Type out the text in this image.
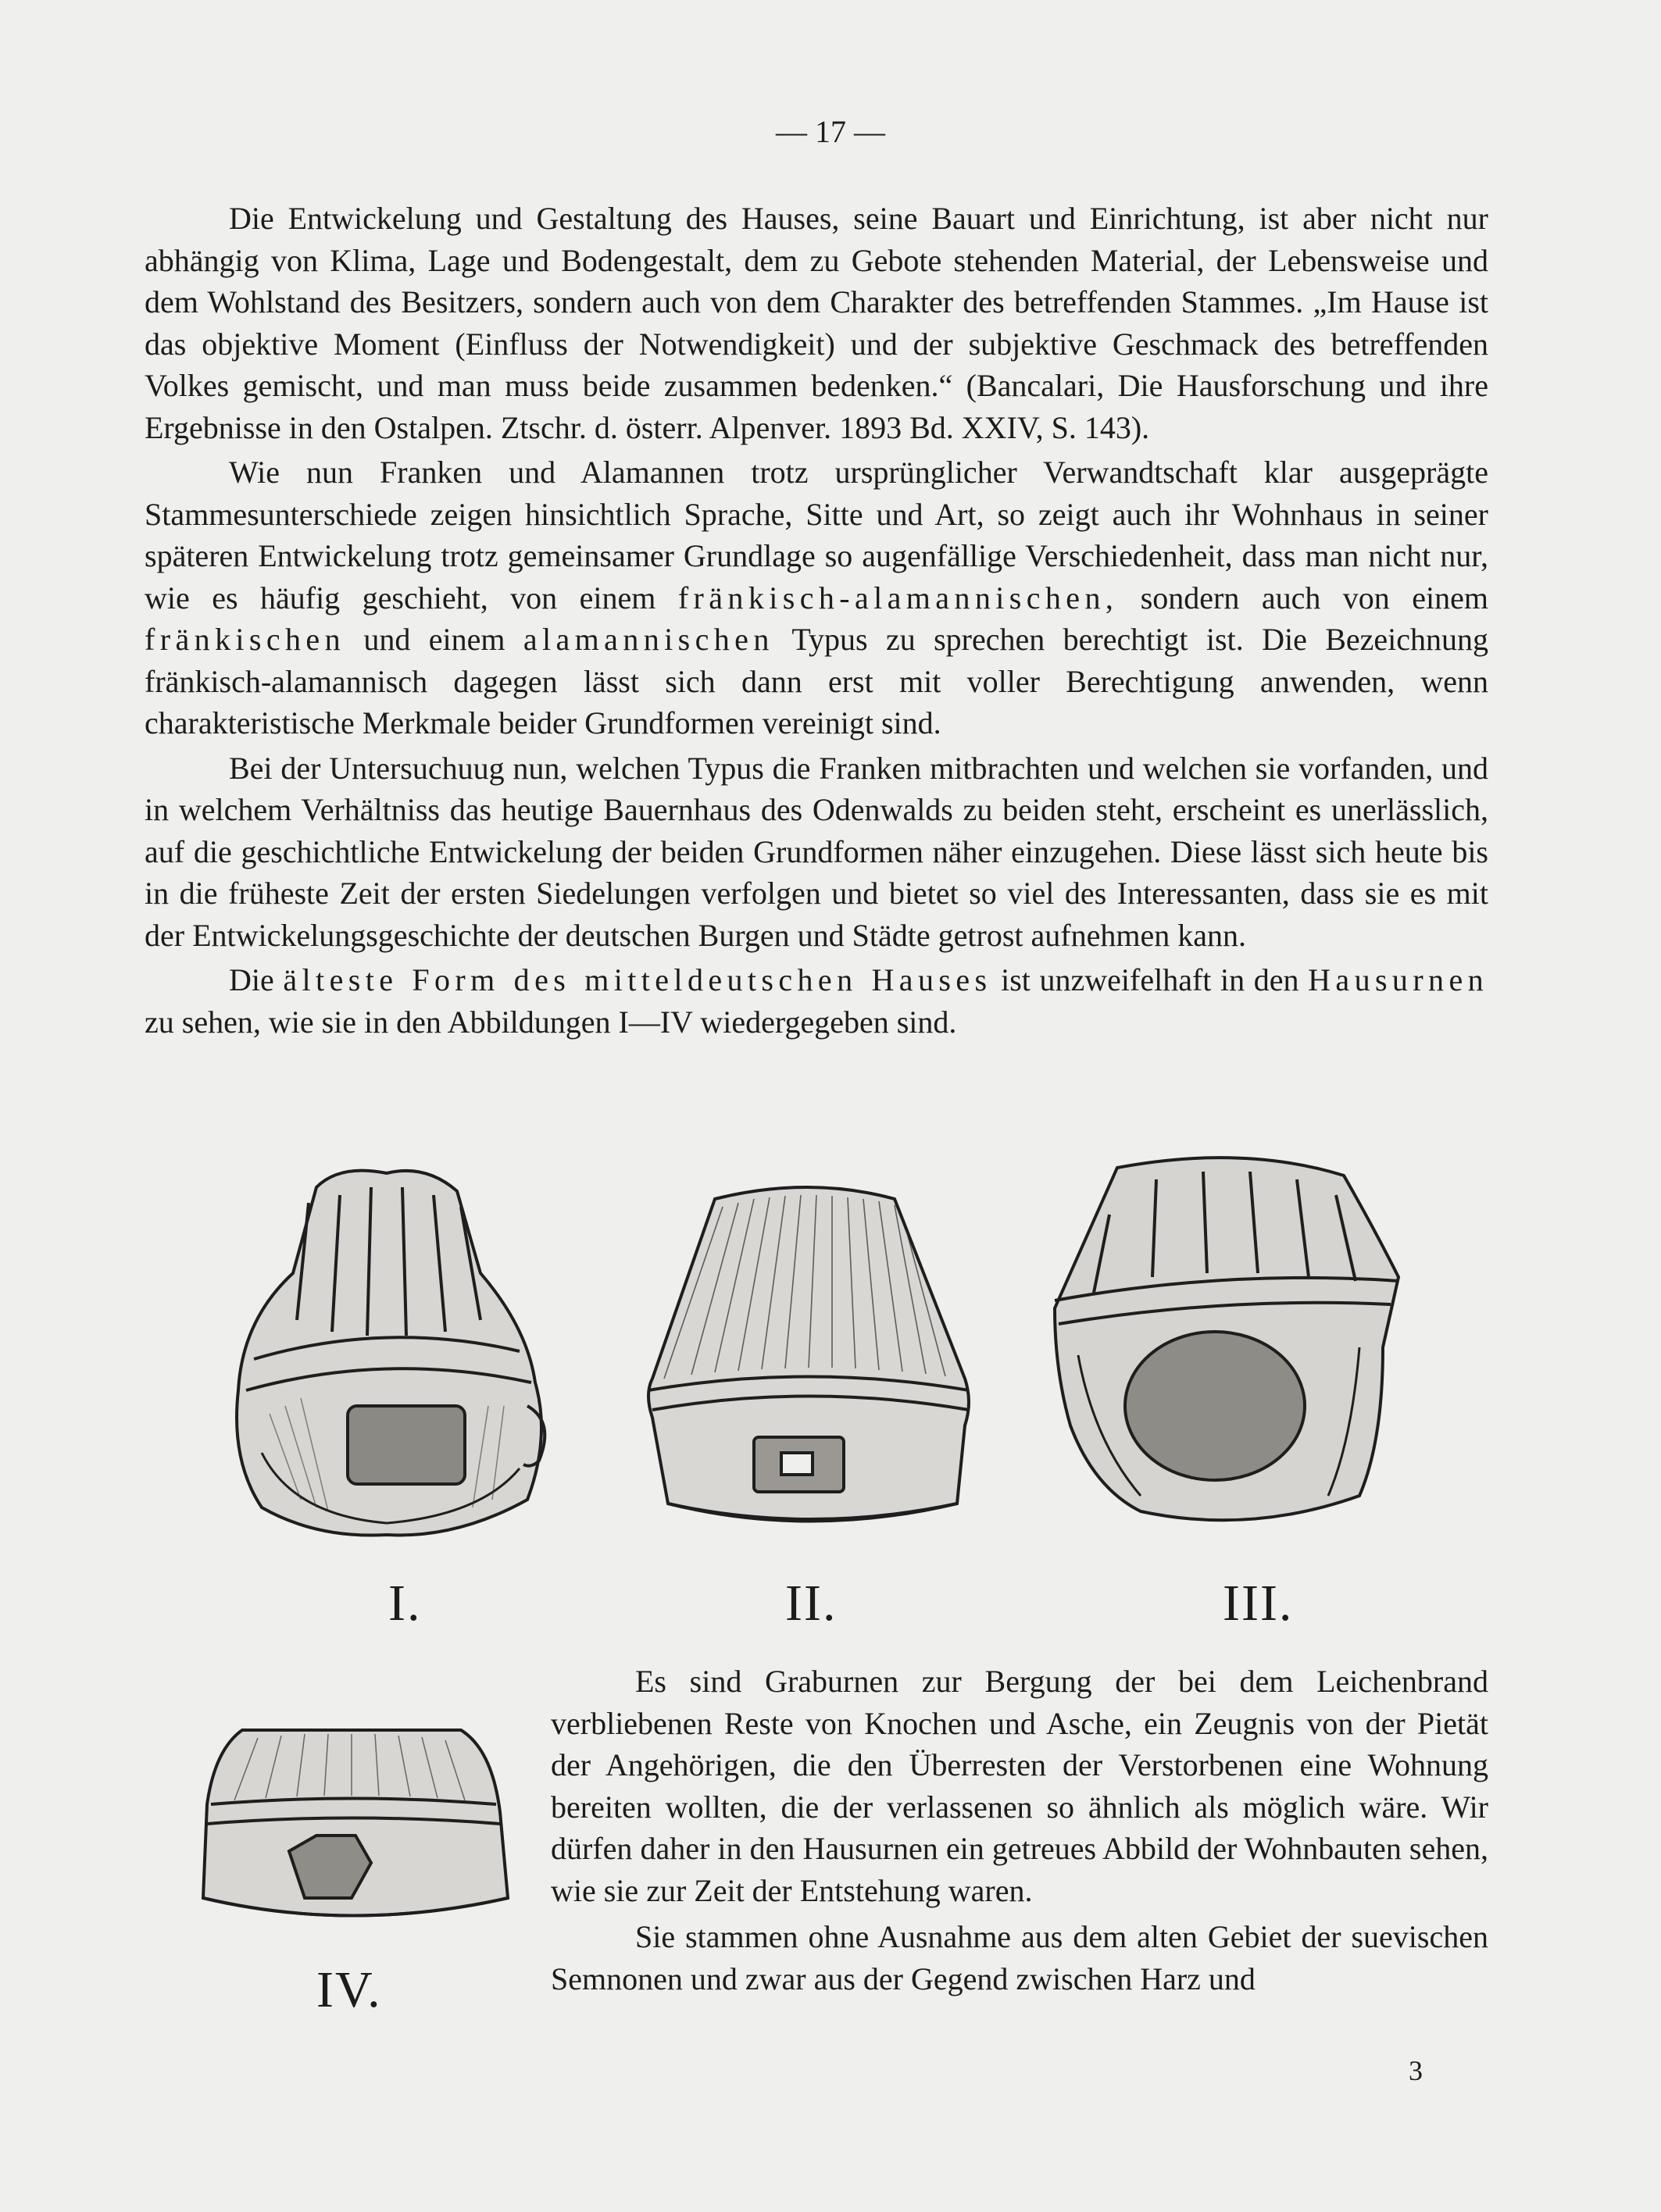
— 17 —

Die Entwickelung und Gestaltung des Hauses, seine Bauart und Einrichtung, ist aber nicht nur abhängig von Klima, Lage und Bodengestalt, dem zu Gebote stehenden Material, der Lebensweise und dem Wohlstand des Besitzers, sondern auch von dem Charakter des betreffenden Stammes. „Im Hause ist das objektive Moment (Einfluss der Notwendigkeit) und der subjektive Geschmack des betreffenden Volkes gemischt, und man muss beide zusammen bedenken.“ (Bancalari, Die Hausforschung und ihre Ergebnisse in den Ostalpen. Ztschr. d. österr. Alpenver. 1893 Bd. XXIV, S. 143).

Wie nun Franken und Alamannen trotz ursprünglicher Verwandtschaft klar ausgeprägte Stammesunterschiede zeigen hinsichtlich Sprache, Sitte und Art, so zeigt auch ihr Wohnhaus in seiner späteren Entwickelung trotz gemeinsamer Grundlage so augenfällige Verschiedenheit, dass man nicht nur, wie es häufig geschieht, von einem fränkisch-alamannischen, sondern auch von einem fränkischen und einem alamannischen Typus zu sprechen berechtigt ist. Die Bezeichnung fränkisch-alamannisch dagegen lässt sich dann erst mit voller Berechtigung anwenden, wenn charakteristische Merkmale beider Grundformen vereinigt sind.

Bei der Untersuchuug nun, welchen Typus die Franken mitbrachten und welchen sie vorfanden, und in welchem Verhältniss das heutige Bauernhaus des Odenwalds zu beiden steht, erscheint es unerlässlich, auf die geschichtliche Entwickelung der beiden Grundformen näher einzugehen. Diese lässt sich heute bis in die früheste Zeit der ersten Siedelungen verfolgen und bietet so viel des Interessanten, dass sie es mit der Entwickelungsgeschichte der deutschen Burgen und Städte getrost aufnehmen kann.

Die älteste Form des mitteldeutschen Hauses ist unzweifelhaft in den Hausurnen zu sehen, wie sie in den Abbildungen I—IV wiedergegeben sind.

I.	II.	III.
IV.

Es sind Graburnen zur Bergung der bei dem Leichenbrand verbliebenen Reste von Knochen und Asche, ein Zeugnis von der Pietät der Angehörigen, die den Überresten der Verstorbenen eine Wohnung bereiten wollten, die der verlassenen so ähnlich als möglich wäre. Wir dürfen daher in den Hausurnen ein getreues Abbild der Wohnbauten sehen, wie sie zur Zeit der Entstehung waren.

Sie stammen ohne Ausnahme aus dem alten Gebiet der suevischen Semnonen und zwar aus der Gegend zwischen Harz und

3
